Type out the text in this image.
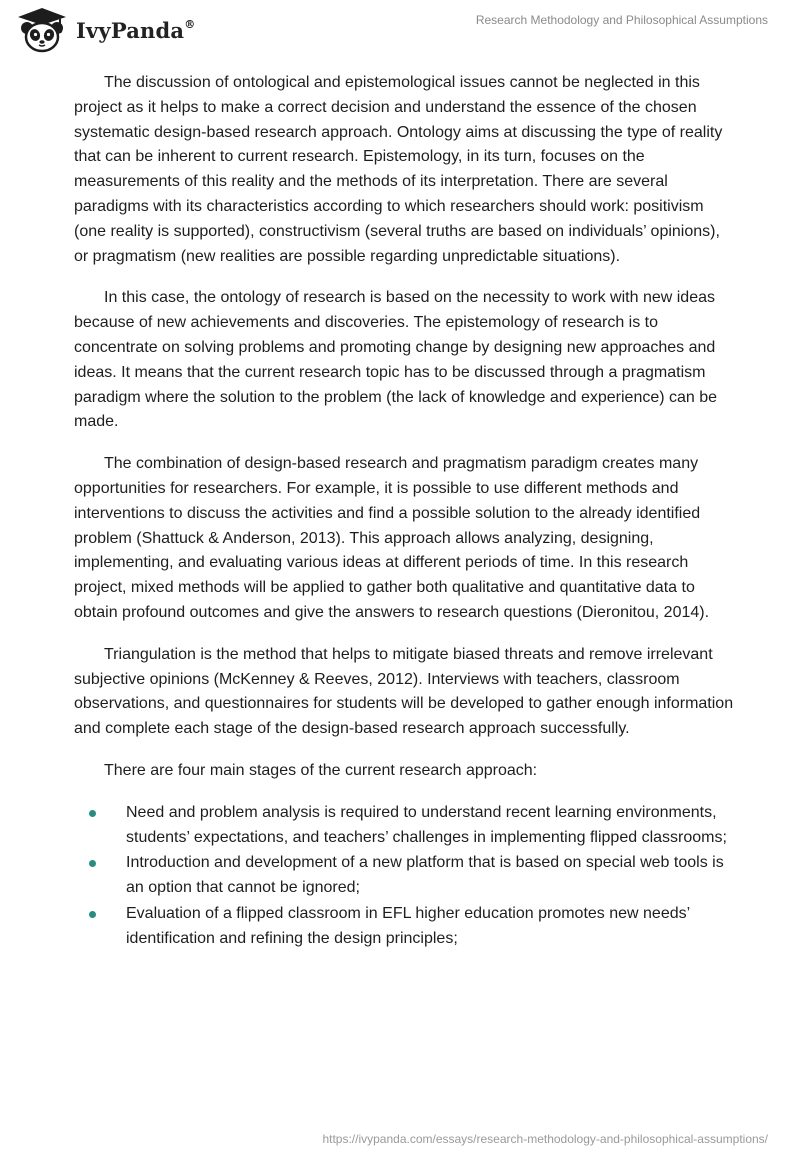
IvyPanda®	Research Methodology and Philosophical Assumptions

The discussion of ontological and epistemological issues cannot be neglected in this project as it helps to make a correct decision and understand the essence of the chosen systematic design-based research approach. Ontology aims at discussing the type of reality that can be inherent to current research. Epistemology, in its turn, focuses on the measurements of this reality and the methods of its interpretation. There are several paradigms with its characteristics according to which researchers should work: positivism (one reality is supported), constructivism (several truths are based on individuals’ opinions), or pragmatism (new realities are possible regarding unpredictable situations).

In this case, the ontology of research is based on the necessity to work with new ideas because of new achievements and discoveries. The epistemology of research is to concentrate on solving problems and promoting change by designing new approaches and ideas. It means that the current research topic has to be discussed through a pragmatism paradigm where the solution to the problem (the lack of knowledge and experience) can be made.

The combination of design-based research and pragmatism paradigm creates many opportunities for researchers. For example, it is possible to use different methods and interventions to discuss the activities and find a possible solution to the already identified problem (Shattuck & Anderson, 2013). This approach allows analyzing, designing, implementing, and evaluating various ideas at different periods of time. In this research project, mixed methods will be applied to gather both qualitative and quantitative data to obtain profound outcomes and give the answers to research questions (Dieronitou, 2014).

Triangulation is the method that helps to mitigate biased threats and remove irrelevant subjective opinions (McKenney & Reeves, 2012). Interviews with teachers, classroom observations, and questionnaires for students will be developed to gather enough information and complete each stage of the design-based research approach successfully.

There are four main stages of the current research approach:

Need and problem analysis is required to understand recent learning environments, students’ expectations, and teachers’ challenges in implementing flipped classrooms;
Introduction and development of a new platform that is based on special web tools is an option that cannot be ignored;
Evaluation of a flipped classroom in EFL higher education promotes new needs’ identification and refining the design principles;
https://ivypanda.com/essays/research-methodology-and-philosophical-assumptions/
